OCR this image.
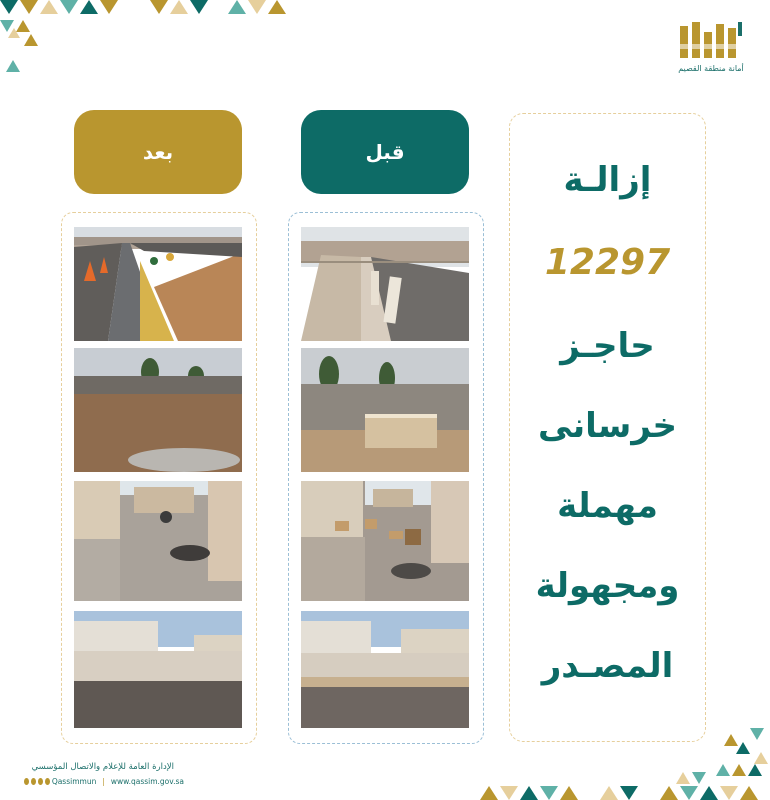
أمانة منطقة القصيم
قبل
بعد
إزالـة
12297
حاجـز
خرسانى
مهملة
ومجهولة
المصـدر
الإدارة العامة للإعلام والاتصال المؤسسي
Qassimmun | www.qassim.gov.sa
